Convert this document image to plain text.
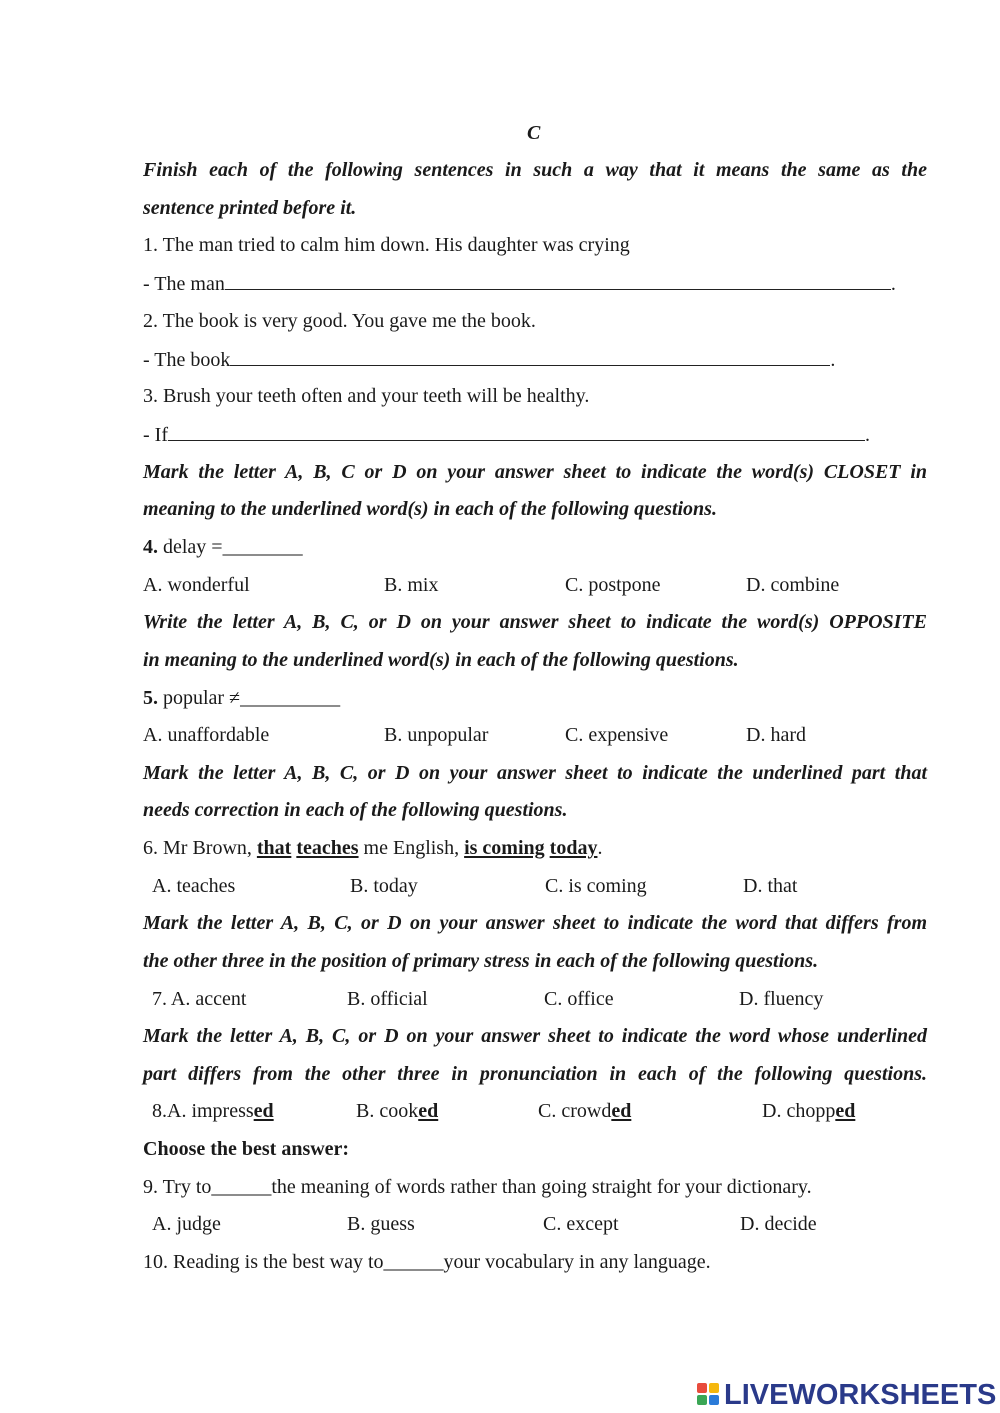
C
Finish each of the following sentences in such a way that it means the same as the
sentence printed before it.
1. The man tried to calm him down. His daughter was crying
- The man	.
2. The book is very good. You gave me the book.
- The book	.
3. Brush your teeth often and your teeth will be healthy.
- If	.
Mark the letter A, B, C or D on your answer sheet to indicate the word(s) CLOSET in
meaning to the underlined word(s) in each of the following questions.
4. delay =________
A. wonderful	B. mix	C. postpone	D. combine
Write the letter A, B, C, or D on your answer sheet to indicate the word(s) OPPOSITE
in meaning to the underlined word(s) in each of the following questions.
5. popular ≠__________
A. unaffordable	B. unpopular	C. expensive	D. hard
Mark the letter A, B, C, or D on your answer sheet to indicate the underlined part that
needs correction in each of the following questions.
6. Mr Brown, that teaches me English, is coming today.
A. teaches	B. today	C. is coming	D. that
Mark the letter A, B, C, or D on your answer sheet to indicate the word that differs from
the other three in the position of primary stress in each of the following questions.
7. A. accent	B. official	C. office	D. fluency
Mark the letter A, B, C, or D on your answer sheet to indicate the word whose underlined
part differs from the other three in pronunciation in each of the following questions.
8.A. impressed	B. cooked	C. crowded	D. chopped
Choose the best answer:
9. Try to______the meaning of words rather than going straight for your dictionary.
A. judge	B. guess	C. except	D. decide
10. Reading is the best way to______your vocabulary in any language.
LIVEWORKSHEETS
